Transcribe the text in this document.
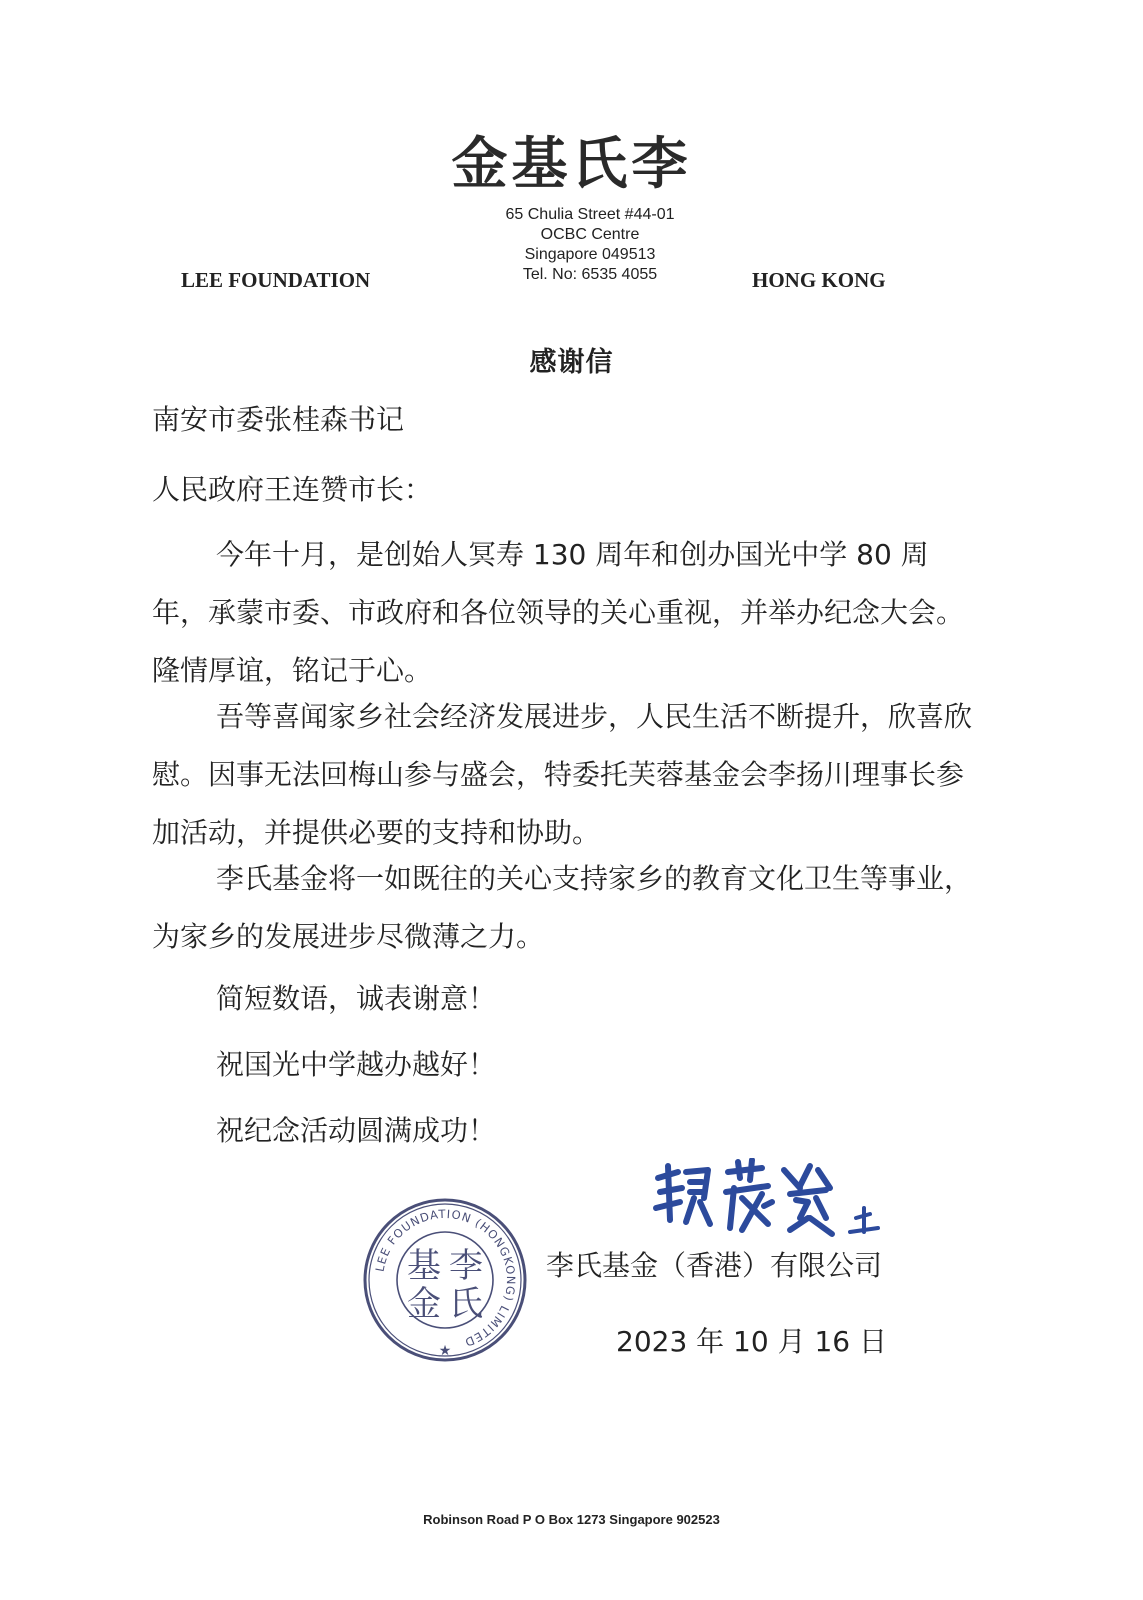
金基氏李
LEE FOUNDATION
65 Chulia Street #44-01
OCBC Centre
Singapore 049513
Tel. No: 6535 4055	HONG KONG
感谢信
南安市委张桂森书记
人民政府王连赞市长：
今年十月，是创始人冥寿 130 周年和创办国光中学 80 周年，承蒙市委、市政府和各位领导的关心重视，并举办纪念大会。隆情厚谊，铭记于心。
吾等喜闻家乡社会经济发展进步，人民生活不断提升，欣喜欣慰。因事无法回梅山参与盛会，特委托芙蓉基金会李扬川理事长参加活动，并提供必要的支持和协助。
李氏基金将一如既往的关心支持家乡的教育文化卫生等事业，为家乡的发展进步尽微薄之力。
简短数语，诚表谢意！
祝国光中学越办越好！
祝纪念活动圆满成功！
LEE FOUNDATION (HONGKONG) LIMITED
★
李
基
氏
金
李氏基金（香港）有限公司
2023 年 10 月 16 日
Robinson Road P O Box 1273 Singapore 902523
